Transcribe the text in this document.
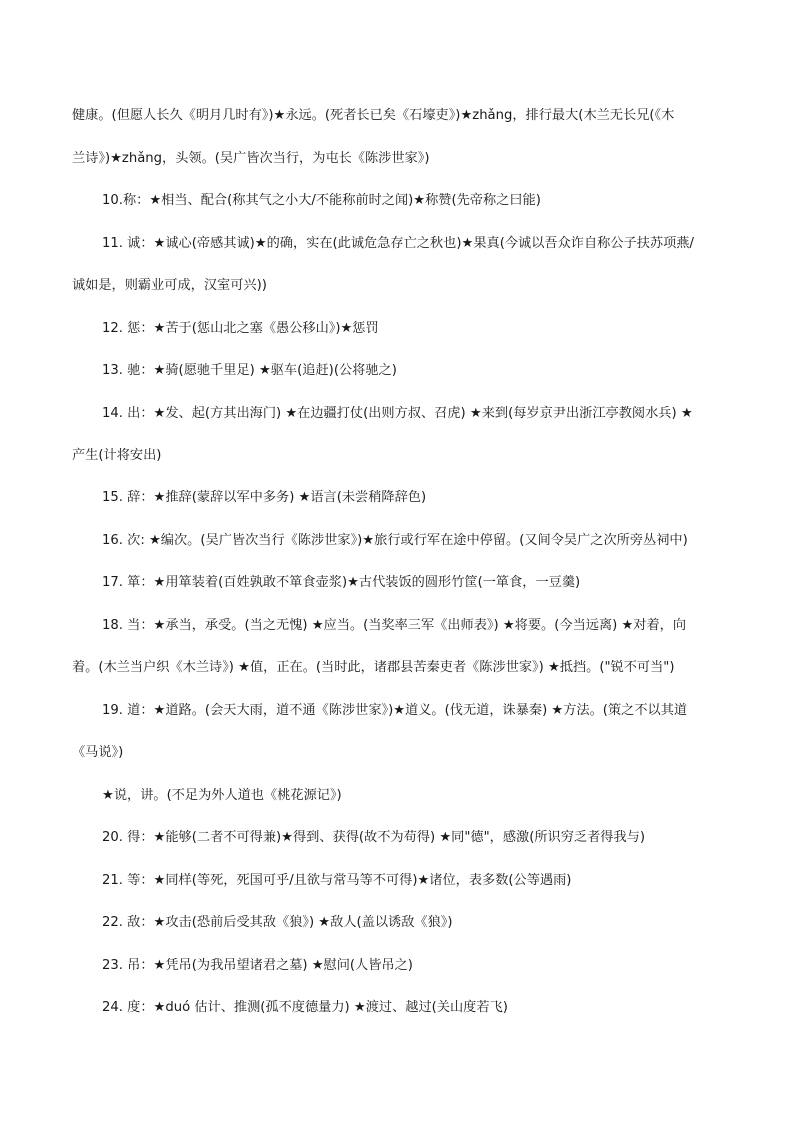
健康。(但愿人长久《明月几时有》)★永远。(死者长已矣《石壕吏》)★zhǎng，排行最大(木兰无长兄(《木
兰诗》)★zhǎng，头领。(吴广皆次当行，为屯长《陈涉世家》)
10.称：★相当、配合(称其气之小大/不能称前时之闻)★称赞(先帝称之曰能)
11. 诚：★诚心(帝感其诚)★的确，实在(此诚危急存亡之秋也)★果真(今诚以吾众诈自称公子扶苏项燕/
诚如是，则霸业可成，汉室可兴))
12. 惩：★苦于(惩山北之塞《愚公移山》)★惩罚
13. 驰：★骑(愿驰千里足) ★驱车(追赶)(公将驰之)
14. 出：★发、起(方其出海门) ★在边疆打仗(出则方叔、召虎) ★来到(每岁京尹出浙江亭教阅水兵) ★
产生(计将安出)
15. 辞：★推辞(蒙辞以军中多务) ★语言(未尝稍降辞色)
16. 次: ★编次。(吴广皆次当行《陈涉世家》)★旅行或行军在途中停留。(又间令吴广之次所旁丛祠中)
17. 箪：★用箪装着(百姓孰敢不箪食壶浆)★古代装饭的圆形竹筐(一箪食，一豆羹)
18. 当：★承当，承受。(当之无愧) ★应当。(当奖率三军《出师表》) ★将要。(今当远离) ★对着，向
着。(木兰当户织《木兰诗》) ★值，正在。(当时此，诸郡县苦秦吏者《陈涉世家》) ★抵挡。("锐不可当")
19. 道：★道路。(会天大雨，道不通《陈涉世家》)★道义。(伐无道，诛暴秦) ★方法。(策之不以其道
《马说》)
★说，讲。(不足为外人道也《桃花源记》)
20. 得：★能够(二者不可得兼)★得到、获得(故不为苟得) ★同"德"，感激(所识穷乏者得我与)
21. 等：★同样(等死，死国可乎/且欲与常马等不可得)★诸位，表多数(公等遇雨)
22. 敌：★攻击(恐前后受其敌《狼》) ★敌人(盖以诱敌《狼》)
23. 吊：★凭吊(为我吊望诸君之墓) ★慰问(人皆吊之)
24. 度：★duó 估计、推测(孤不度德量力) ★渡过、越过(关山度若飞)
